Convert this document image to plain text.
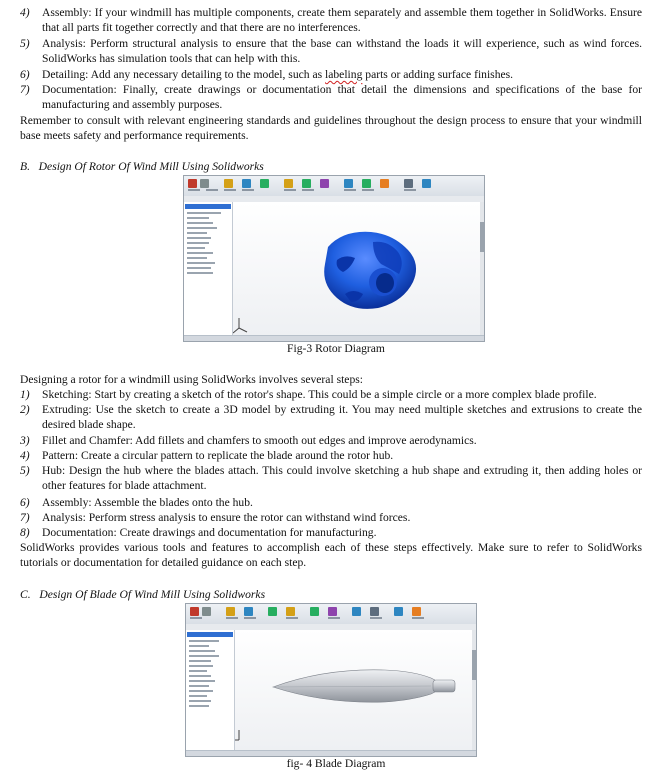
4)	Assembly: If your windmill has multiple components, create them separately and assemble them together in SolidWorks. Ensure that all parts fit together correctly and that there are no interferences.
5)	Analysis: Perform structural analysis to ensure that the base can withstand the loads it will experience, such as wind forces. SolidWorks has simulation tools that can help with this.
6)	Detailing: Add any necessary detailing to the model, such as labeling parts or adding surface finishes.
7)	Documentation: Finally, create drawings or documentation that detail the dimensions and specifications of the base for manufacturing and assembly purposes.
Remember to consult with relevant engineering standards and guidelines throughout the design process to ensure that your windmill base meets safety and performance requirements.
B.   Design Of Rotor Of Wind Mill Using Solidworks
Fig-3 Rotor Diagram
Designing a rotor for a windmill using SolidWorks involves several steps:
1)	Sketching: Start by creating a sketch of the rotor's shape. This could be a simple circle or a more complex blade profile.
2)	Extruding: Use the sketch to create a 3D model by extruding it. You may need multiple sketches and extrusions to create the desired blade shape.
3)	Fillet and Chamfer: Add fillets and chamfers to smooth out edges and improve aerodynamics.
4)	Pattern: Create a circular pattern to replicate the blade around the rotor hub.
5)	Hub: Design the hub where the blades attach. This could involve sketching a hub shape and extruding it, then adding holes or other features for blade attachment.
6)	Assembly: Assemble the blades onto the hub.
7)	Analysis: Perform stress analysis to ensure the rotor can withstand wind forces.
8)	Documentation: Create drawings and documentation for manufacturing.
SolidWorks provides various tools and features to accomplish each of these steps effectively. Make sure to refer to SolidWorks tutorials or documentation for detailed guidance on each step.
C.   Design Of Blade Of Wind Mill Using Solidworks
fig- 4 Blade Diagram
